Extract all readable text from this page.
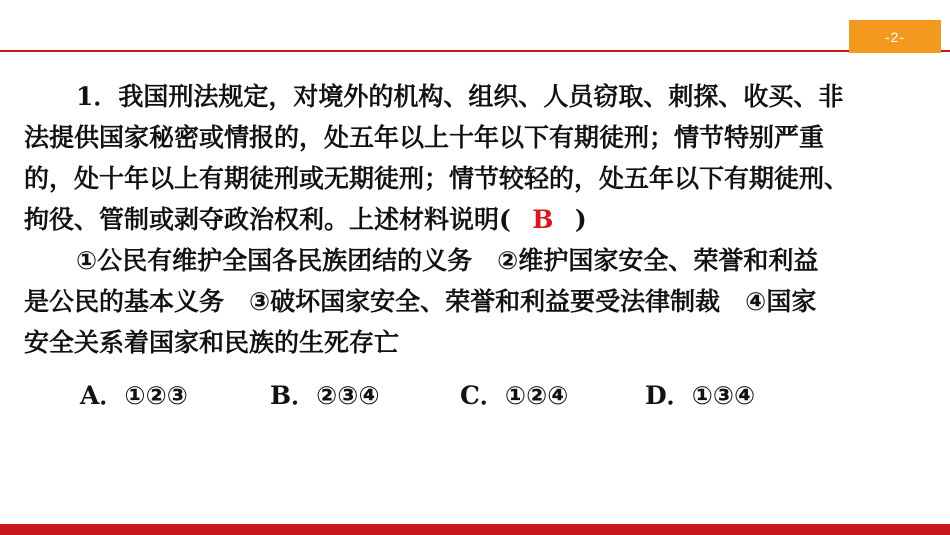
-2-
1．我国刑法规定，对境外的机构、组织、人员窃取、刺探、收买、非
法提供国家秘密或情报的，处五年以上十年以下有期徒刑；情节特别严重
的，处十年以上有期徒刑或无期徒刑；情节较轻的，处五年以下有期徒刑、
拘役、管制或剥夺政治权利。上述材料说明( B )
①公民有维护全国各民族团结的义务　②维护国家安全、荣誉和利益
是公民的基本义务　③破坏国家安全、荣誉和利益要受法律制裁　④国家
安全关系着国家和民族的生死存亡
A．①②③	B．②③④	C．①②④	D．①③④
